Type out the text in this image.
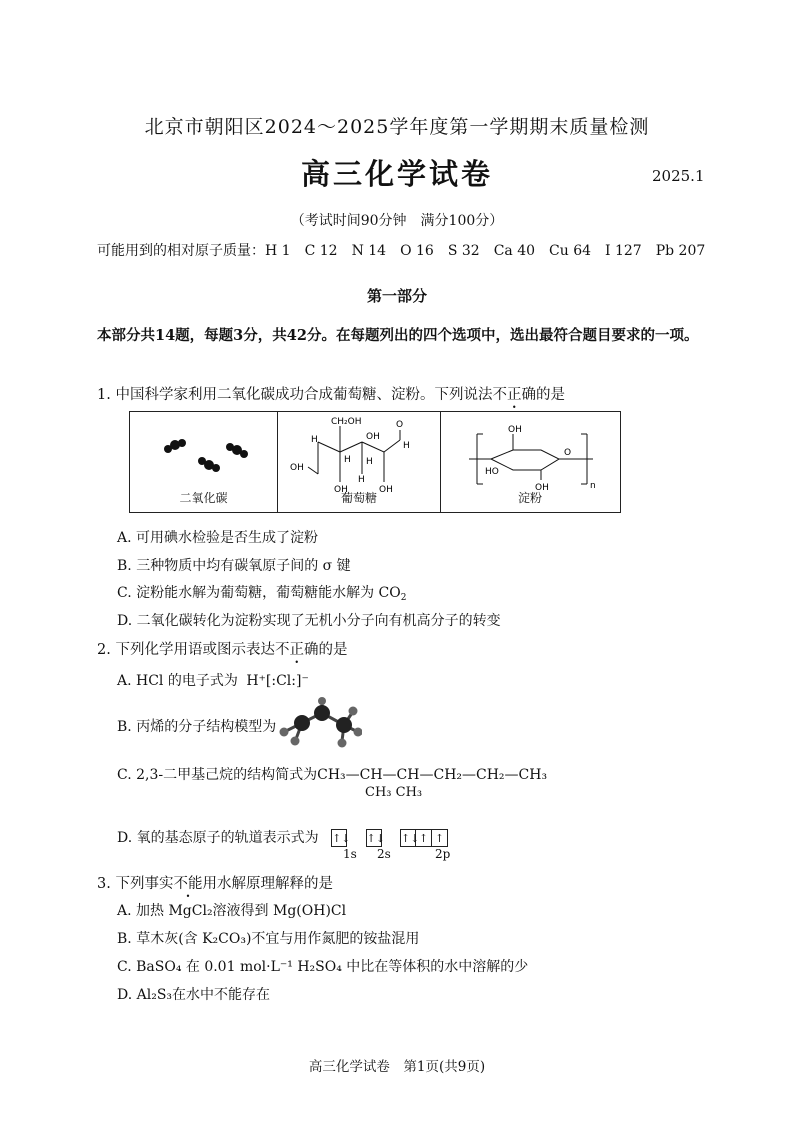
北京市朝阳区2024～2025学年度第一学期期末质量检测
高三化学试卷	2025.1
（考试时间90分钟　满分100分）
可能用到的相对原子质量：H 1 C 12 N 14 O 16 S 32 Ca 40 Cu 64 I 127 Pb 207
第一部分
本部分共14题，每题3分，共42分。在每题列出的四个选项中，选出最符合题目要求的一项。
1. 中国科学家利用二氧化碳成功合成葡萄糖、淀粉。下列说法不正确的是
二氧化碳
CH₂OH
H	OH
H
O
H
OH
OH
H
H
OH
葡萄糖
OH
HO
OH
O
n
淀粉
A. 可用碘水检验是否生成了淀粉
B. 三种物质中均有碳氧原子间的 σ 键
C. 淀粉能水解为葡萄糖，葡萄糖能水解为 $CO_2$
D. 二氧化碳转化为淀粉实现了无机小分子向有机高分子的转变
2. 下列化学用语或图示表达不正确的是
A. HCl 的电子式为 H⁺[:Cl:]⁻
B. 丙烯的分子结构模型为
C. 2,3-二甲基己烷的结构简式为CH₃—CH—CH—CH₂—CH₂—CH₃
CH₃ CH₃
D. 氧的基态原子的轨道表示式为 ↑↓ ↑↓ ↑↓↑ ↑
1s 2s	2p
3. 下列事实不能用水解原理解释的是
A. 加热 MgCl₂溶液得到 Mg(OH)Cl
B. 草木灰(含 K₂CO₃)不宜与用作氮肥的铵盐混用
C. BaSO₄ 在 0.01 mol·L⁻¹ H₂SO₄ 中比在等体积的水中溶解的少
D. Al₂S₃在水中不能存在
高三化学试卷　第1页(共9页)
